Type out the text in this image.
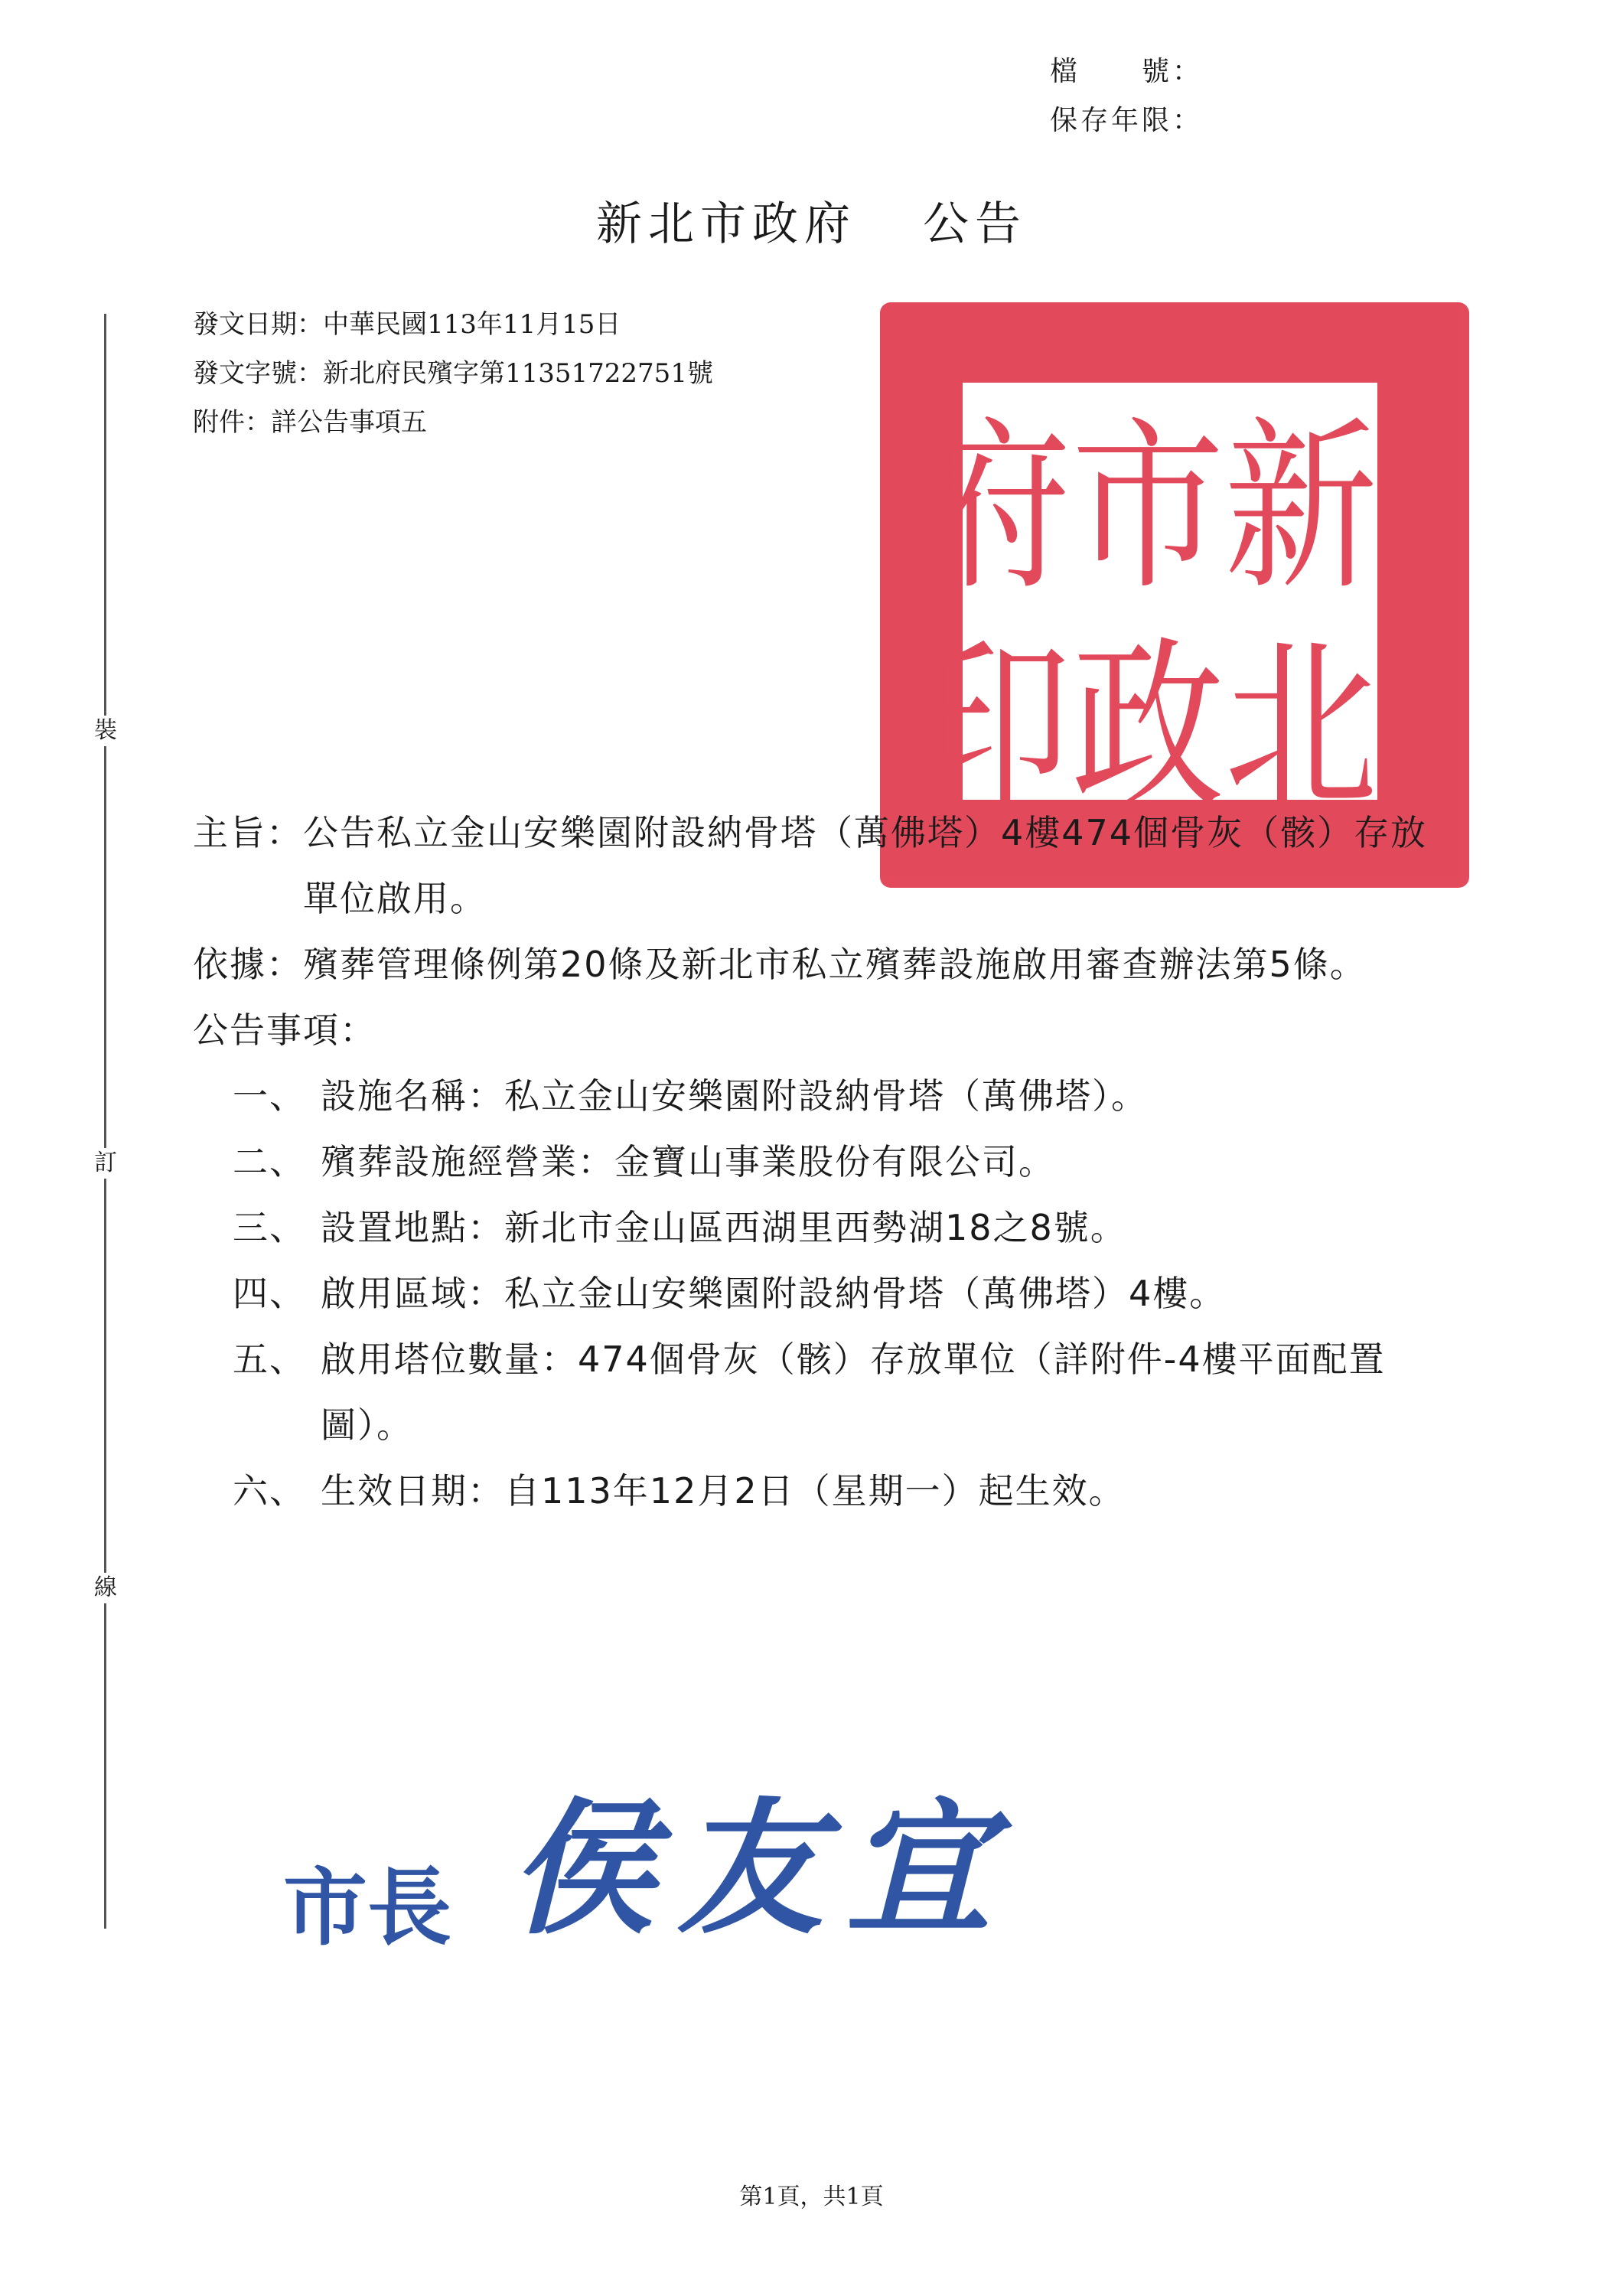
檔　　號：
保存年限：
新北市政府 公告
發文日期：中華民國113年11月15日
發文字號：新北府民殯字第11351722751號
附件：詳公告事項五
裝
訂
線
新
市
府
北
政
印
主旨： 公告私立金山安樂園附設納骨塔（萬佛塔）4樓474個骨灰（骸）存放單位啟用。
依據： 殯葬管理條例第20條及新北市私立殯葬設施啟用審查辦法第5條。
公告事項：
一、 設施名稱：私立金山安樂園附設納骨塔（萬佛塔）。
二、 殯葬設施經營業：金寶山事業股份有限公司。
三、 設置地點：新北市金山區西湖里西勢湖18之8號。
四、 啟用區域：私立金山安樂園附設納骨塔（萬佛塔）4樓。
五、 啟用塔位數量：474個骨灰（骸）存放單位（詳附件-4樓平面配置圖）。
六、 生效日期：自113年12月2日（星期一）起生效。
市長 侯友宜
第1頁，共1頁
